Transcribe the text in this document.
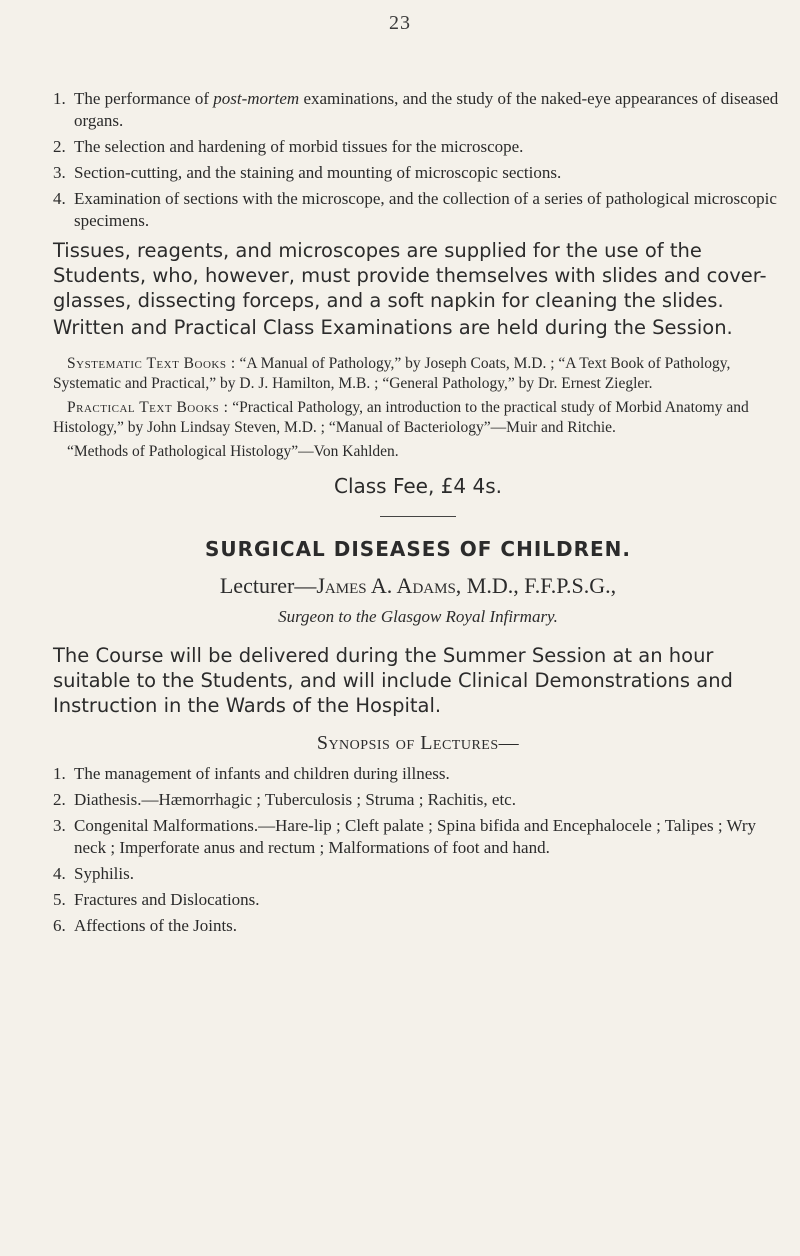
23
1. The performance of post-mortem examinations, and the study of the naked-eye appearances of diseased organs.
2. The selection and hardening of morbid tissues for the microscope.
3. Section-cutting, and the staining and mounting of microscopic sections.
4. Examination of sections with the microscope, and the collection of a series of pathological microscopic specimens.

Tissues, reagents, and microscopes are supplied for the use of the Students, who, however, must provide themselves with slides and cover-glasses, dissecting forceps, and a soft napkin for cleaning the slides.

Written and Practical Class Examinations are held during the Session.

Systematic Text Books : “A Manual of Pathology,” by Joseph Coats, M.D. ; “A Text Book of Pathology, Systematic and Practical,” by D. J. Hamilton, M.B. ; “General Pathology,” by Dr. Ernest Ziegler.

Practical Text Books : “Practical Pathology, an introduction to the practical study of Morbid Anatomy and Histology,” by John Lindsay Steven, M.D. ; “Manual of Bacteriology”—Muir and Ritchie.

“Methods of Pathological Histology”—Von Kahlden.

Class Fee, £4 4s.

SURGICAL DISEASES OF CHILDREN.

Lecturer—James A. Adams, M.D., F.F.P.S.G.,

Surgeon to the Glasgow Royal Infirmary.

The Course will be delivered during the Summer Session at an hour suitable to the Students, and will include Clinical Demonstrations and Instruction in the Wards of the Hospital.

Synopsis of Lectures—

1. The management of infants and children during illness.
2. Diathesis.—Hæmorrhagic ; Tuberculosis ; Struma ; Rachitis, etc.
3. Congenital Malformations.—Hare-lip ; Cleft palate ; Spina bifida and Encephalocele ; Talipes ; Wry neck ; Imperforate anus and rectum ; Malformations of foot and hand.
4. Syphilis.
5. Fractures and Dislocations.
6. Affections of the Joints.
